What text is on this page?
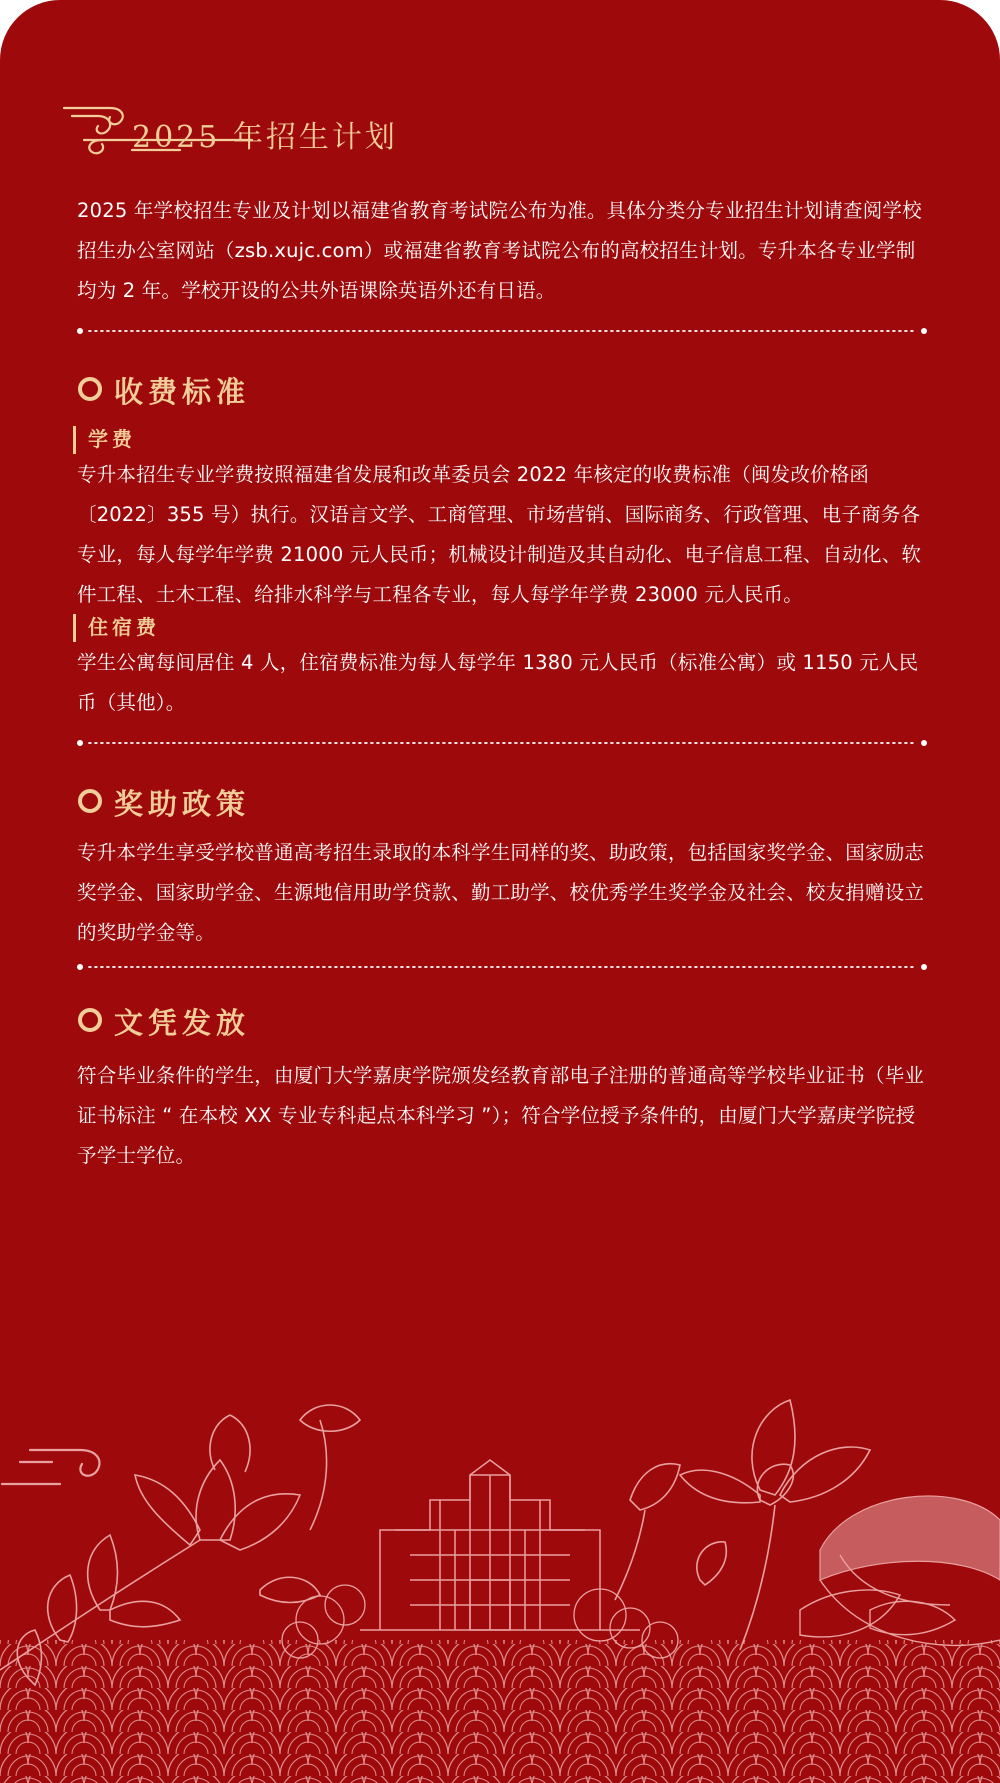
2025 年招生计划

2025 年学校招生专业及计划以福建省教育考试院公布为准。具体分类分专业招生计划请查阅学校招生办公室网站（zsb.xujc.com）或福建省教育考试院公布的高校招生计划。专升本各专业学制均为 2 年。学校开设的公共外语课除英语外还有日语。

收费标准
学费

专升本招生专业学费按照福建省发展和改革委员会 2022 年核定的收费标准（闽发改价格函〔2022〕355 号）执行。汉语言文学、工商管理、市场营销、国际商务、行政管理、电子商务各专业，每人每学年学费 21000 元人民币；机械设计制造及其自动化、电子信息工程、自动化、软件工程、土木工程、给排水科学与工程各专业，每人每学年学费 23000 元人民币。

住宿费

学生公寓每间居住 4 人，住宿费标准为每人每学年 1380 元人民币（标准公寓）或 1150 元人民币（其他）。

奖助政策

专升本学生享受学校普通高考招生录取的本科学生同样的奖、助政策，包括国家奖学金、国家励志奖学金、国家助学金、生源地信用助学贷款、勤工助学、校优秀学生奖学金及社会、校友捐赠设立的奖助学金等。

文凭发放

符合毕业条件的学生，由厦门大学嘉庚学院颁发经教育部电子注册的普通高等学校毕业证书（毕业证书标注 “ 在本校 XX 专业专科起点本科学习 ”）；符合学位授予条件的，由厦门大学嘉庚学院授予学士学位。
